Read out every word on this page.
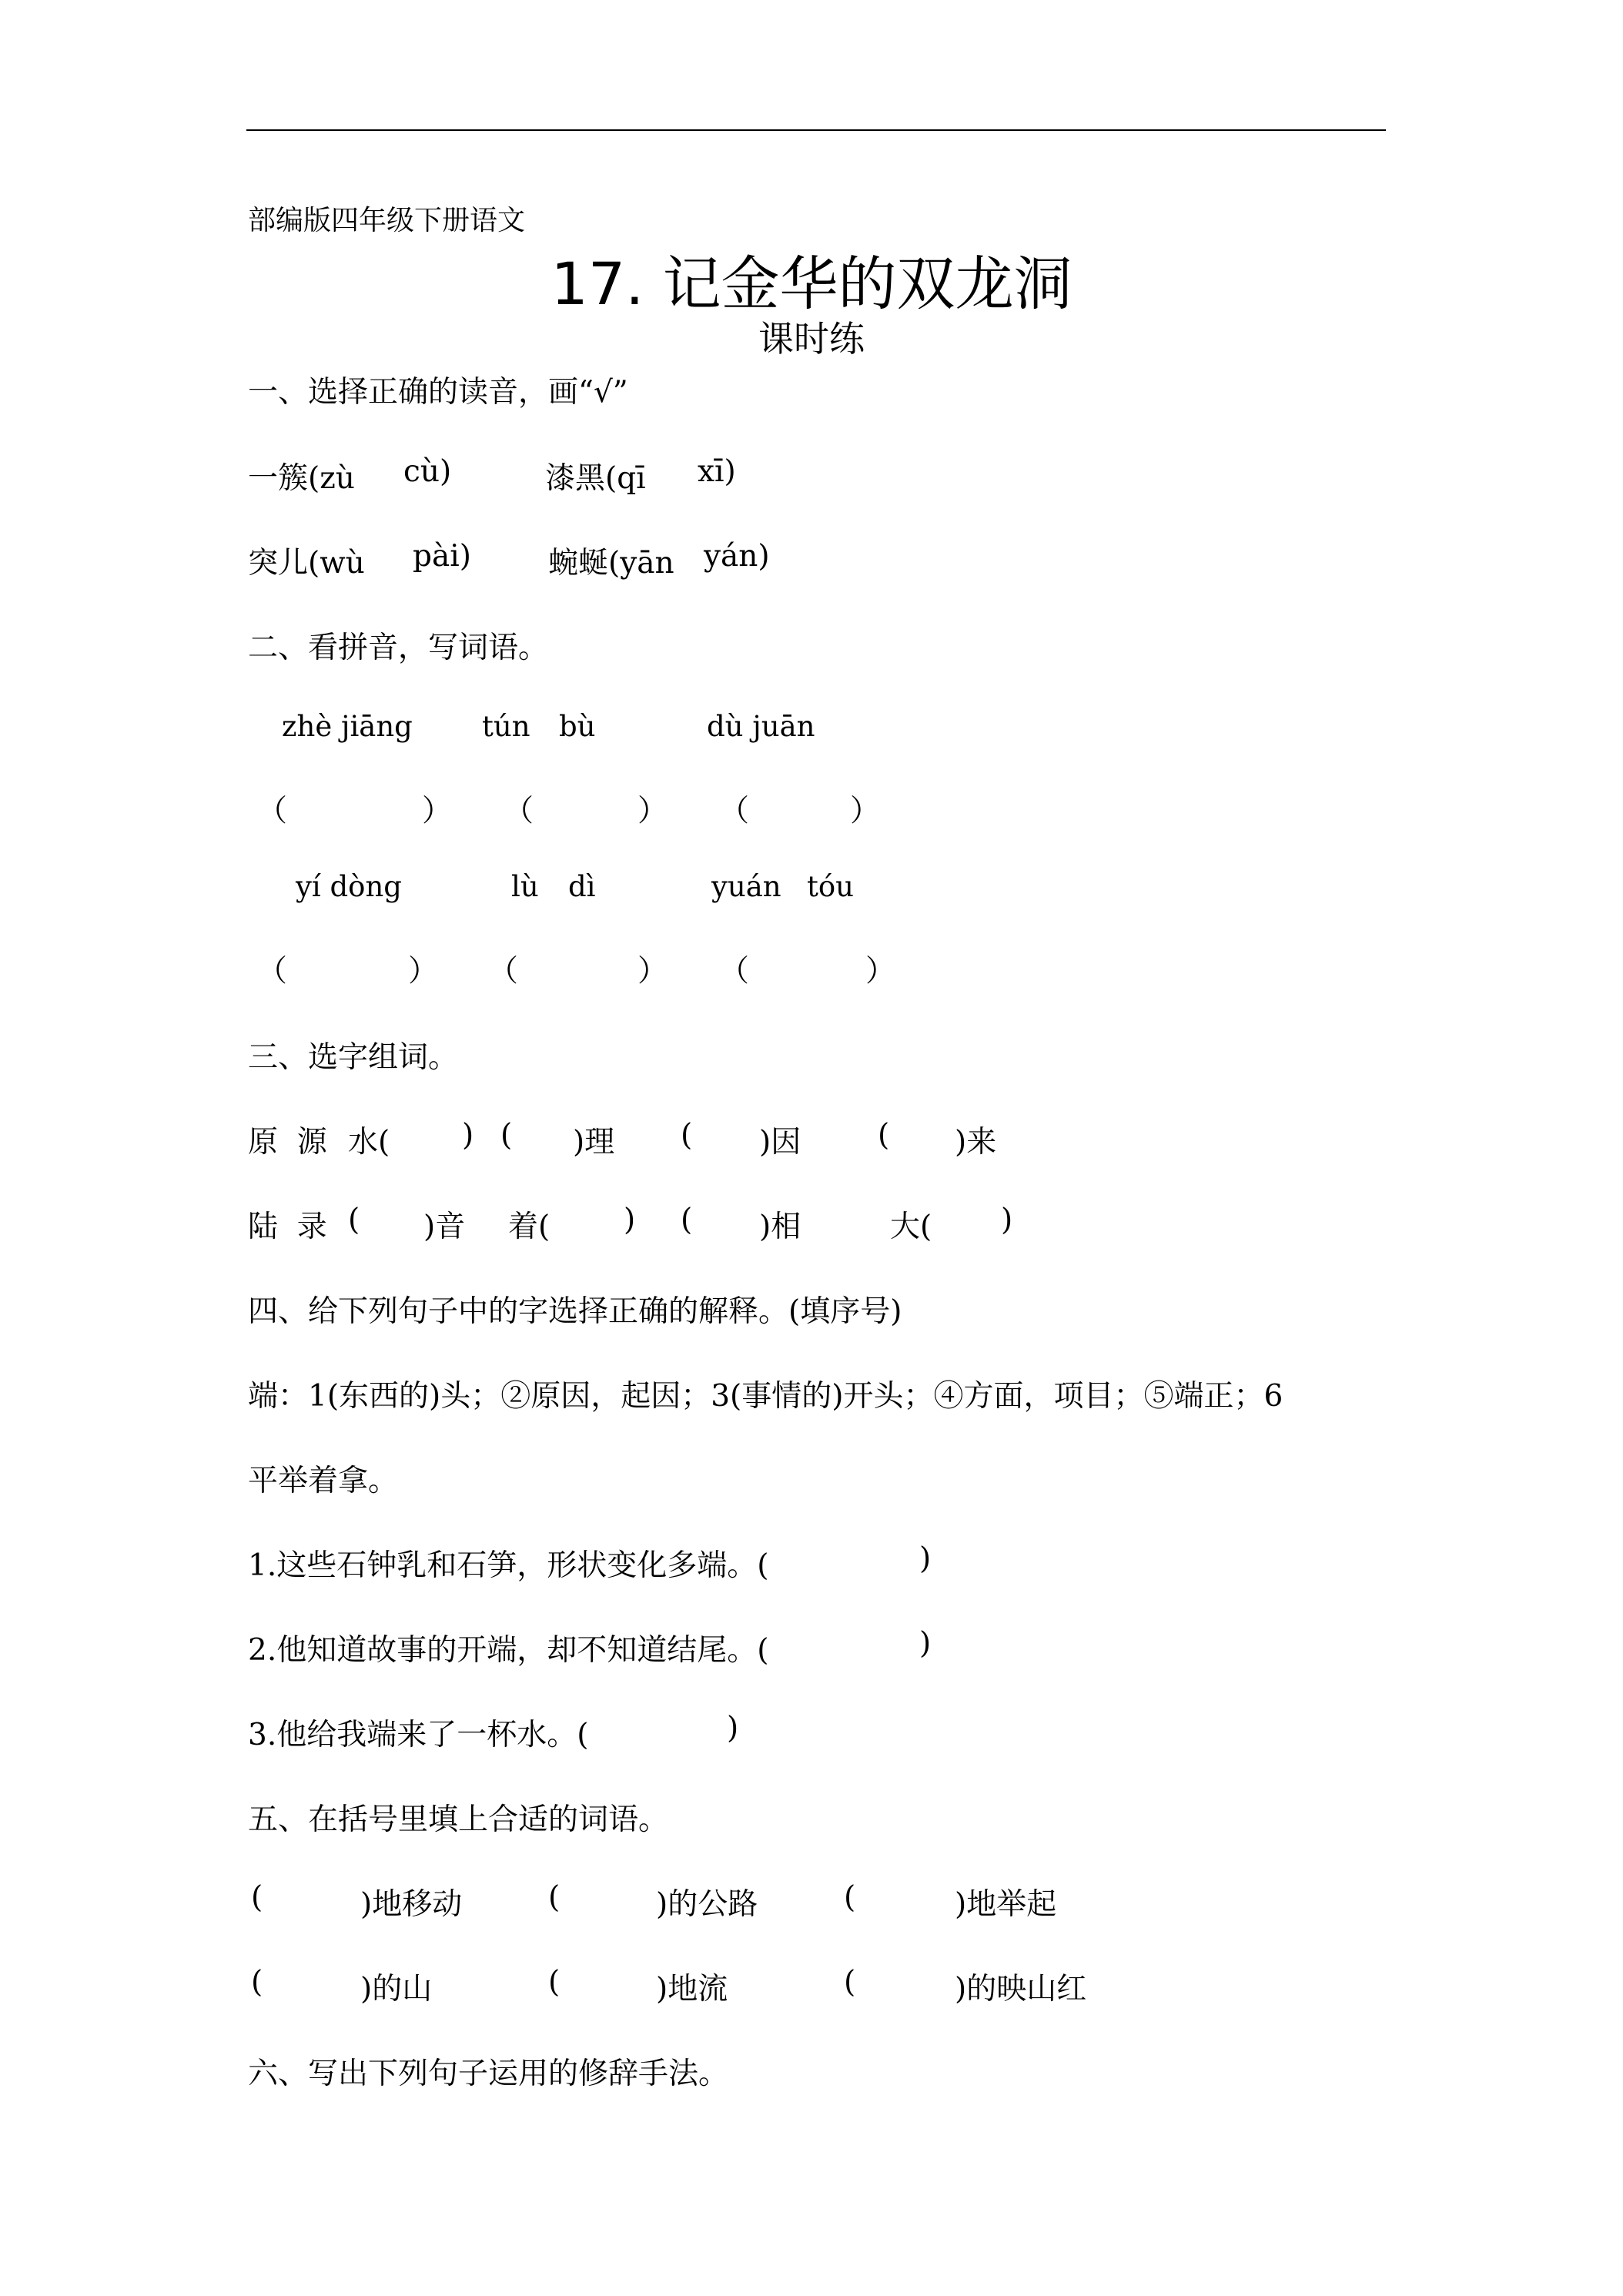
部编版四年级下册语文
17. 记金华的双龙洞
课时练
一、选择正确的读音，画“√”
一簇(zù cù)	漆黑(qī xī)
突儿(wù pài)	蜿蜒(yān yán)
二、看拼音，写词语。
zhè jiāng tún bù	dù juān
（	） （	） （	）
yí dòng	lù dì	yuán tóu
（	） （	） （	）
三、选字组词。
原  源 水( ) ( )理 ( )因	( )来
陆  录 ( )音 着( ) ( )相	大( )
四、给下列句子中的字选择正确的解释。(填序号)
端：1(东西的)头；②原因，起因；3(事情的)开头；④方面，项目；⑤端正；6
平举着拿。
1.这些石钟乳和石笋，形状变化多端。(	)
2.他知道故事的开端，却不知道结尾。(	)
3.他给我端来了一杯水。(	)
五、在括号里填上合适的词语。
(	)地移动	(	)的公路	(	)地举起
(	)的山	(	)地流	(	)的映山红
六、写出下列句子运用的修辞手法。
